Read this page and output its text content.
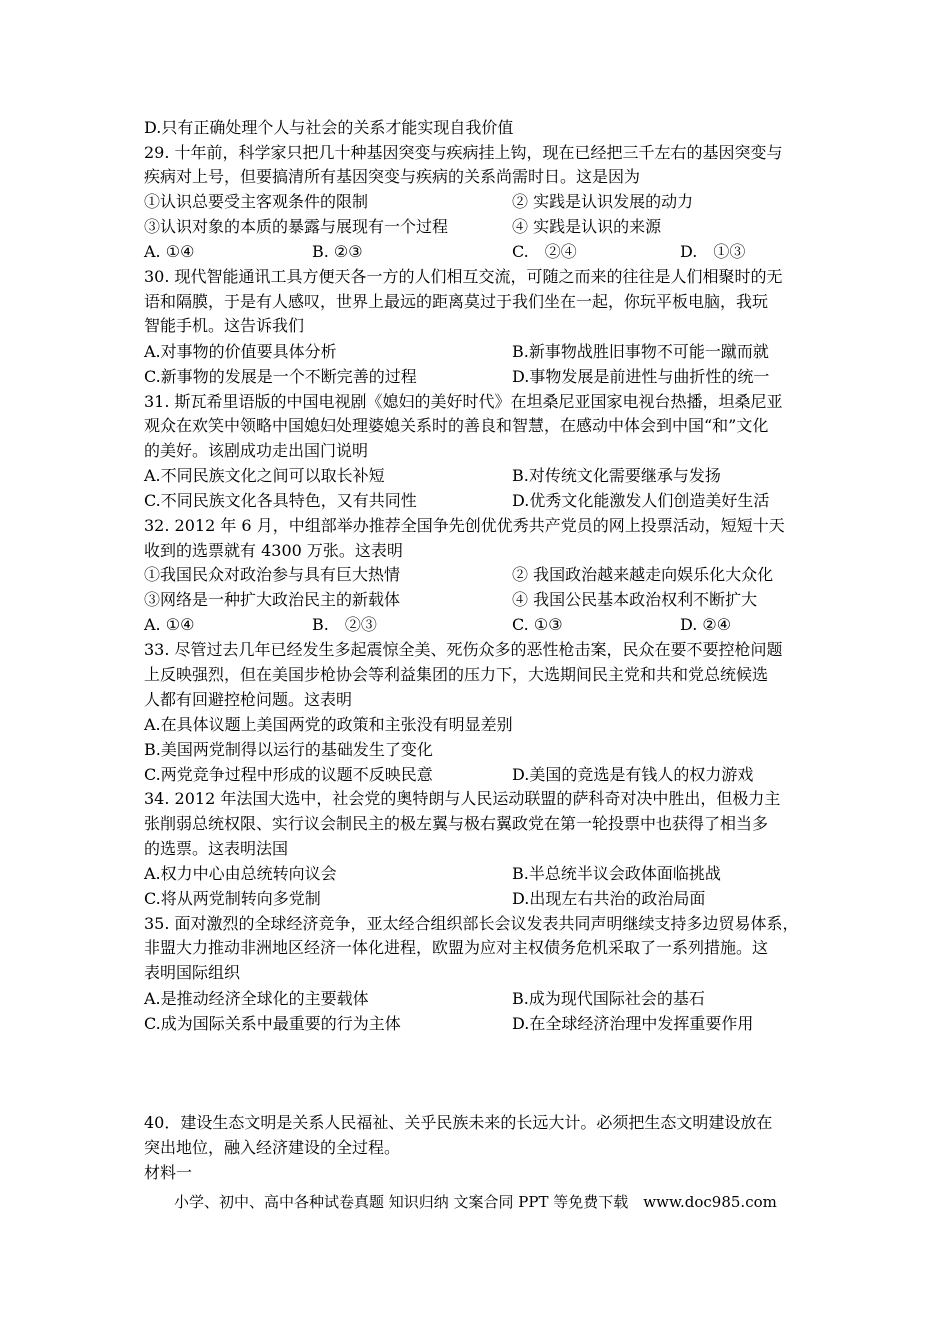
D.只有正确处理个人与社会的关系才能实现自我价值
29. 十年前，科学家只把几十种基因突变与疾病挂上钩，现在已经把三千左右的基因突变与
疾病对上号，但要搞清所有基因突变与疾病的关系尚需时日。这是因为
①认识总要受主客观条件的限制	② 实践是认识发展的动力
③认识对象的本质的暴露与展现有一个过程	④ 实践是认识的来源
A. ①④	B. ②③	C.　②④	D.　①③
30. 现代智能通讯工具方便天各一方的人们相互交流，可随之而来的往往是人们相聚时的无
语和隔膜，于是有人感叹，世界上最远的距离莫过于我们坐在一起，你玩平板电脑，我玩
智能手机。这告诉我们
A.对事物的价值要具体分析	B.新事物战胜旧事物不可能一蹴而就
C.新事物的发展是一个不断完善的过程	D.事物发展是前进性与曲折性的统一
31. 斯瓦希里语版的中国电视剧《媳妇的美好时代》在坦桑尼亚国家电视台热播，坦桑尼亚
观众在欢笑中领略中国媳妇处理婆媳关系时的善良和智慧，在感动中体会到中国“和”文化
的美好。该剧成功走出国门说明
A.不同民族文化之间可以取长补短	B.对传统文化需要继承与发扬
C.不同民族文化各具特色，又有共同性	D.优秀文化能激发人们创造美好生活
32. 2012 年 6 月，中组部举办推荐全国争先创优优秀共产党员的网上投票活动，短短十天
收到的选票就有 4300 万张。这表明
①我国民众对政治参与具有巨大热情	② 我国政治越来越走向娱乐化大众化
③网络是一种扩大政治民主的新载体	④ 我国公民基本政治权利不断扩大
A. ①④	B.　②③	C. ①③	D. ②④
33. 尽管过去几年已经发生多起震惊全美、死伤众多的恶性枪击案，民众在要不要控枪问题
上反映强烈，但在美国步枪协会等利益集团的压力下，大选期间民主党和共和党总统候选
人都有回避控枪问题。这表明
A.在具体议题上美国两党的政策和主张没有明显差别
B.美国两党制得以运行的基础发生了变化
C.两党竞争过程中形成的议题不反映民意	D.美国的竞选是有钱人的权力游戏
34. 2012 年法国大选中，社会党的奥特朗与人民运动联盟的萨科奇对决中胜出，但极力主
张削弱总统权限、实行议会制民主的极左翼与极右翼政党在第一轮投票中也获得了相当多
的选票。这表明法国
A.权力中心由总统转向议会	B.半总统半议会政体面临挑战
C.将从两党制转向多党制	D.出现左右共治的政治局面
35. 面对激烈的全球经济竞争，亚太经合组织部长会议发表共同声明继续支持多边贸易体系，
非盟大力推动非洲地区经济一体化进程，欧盟为应对主权债务危机采取了一系列措施。这
表明国际组织
A.是推动经济全球化的主要载体	B.成为现代国际社会的基石
C.成为国际关系中最重要的行为主体	D.在全球经济治理中发挥重要作用
40．建设生态文明是关系人民福祉、关乎民族未来的长远大计。必须把生态文明建设放在
突出地位，融入经济建设的全过程。
材料一
小学、初中、高中各种试卷真题 知识归纳 文案合同 PPT 等免费下载　www.doc985.com
